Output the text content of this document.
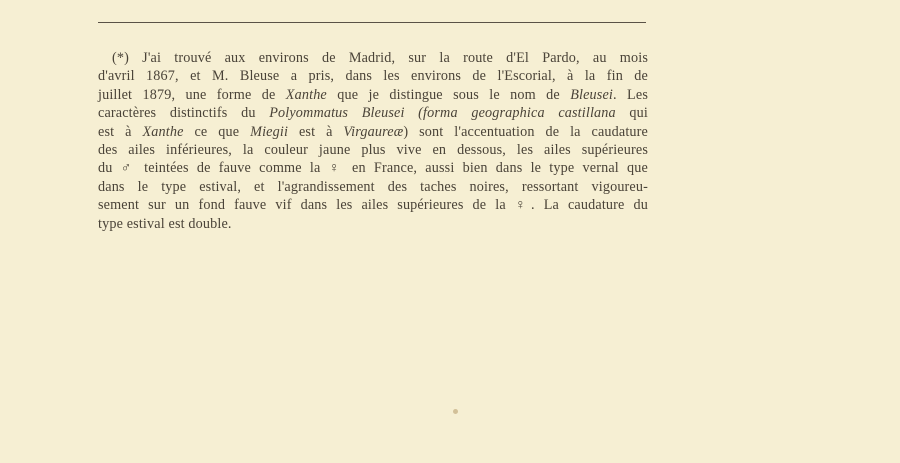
(*) J'ai trouvé aux environs de Madrid, sur la route d'El Pardo, au mois
d'avril 1867, et M. Bleuse a pris, dans les environs de l'Escorial, à la fin de
juillet 1879, une forme de Xanthe que je distingue sous le nom de Bleusei. Les
caractères distinctifs du Polyommatus Bleusei (forma geographica castillana qui
est à Xanthe ce que Miegii est à Virgaureæ) sont l'accentuation de la caudature
des ailes inférieures, la couleur jaune plus vive en dessous, les ailes supérieures
du ♂ teintées de fauve comme la ♀ en France, aussi bien dans le type vernal que
dans le type estival, et l'agrandissement des taches noires, ressortant vigoureu-
sement sur un fond fauve vif dans les ailes supérieures de la ♀. La caudature du
type estival est double.
